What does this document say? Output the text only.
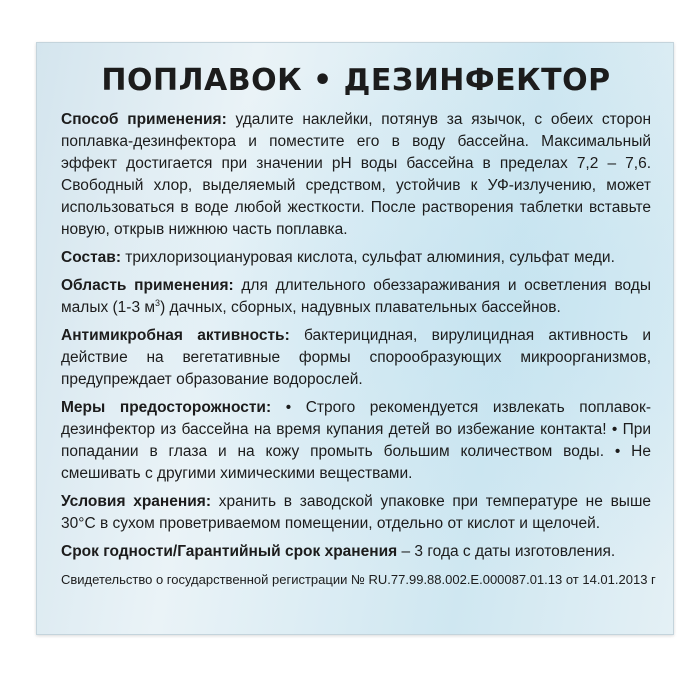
ПОПЛАВОК • ДЕЗИНФЕКТОР

Способ применения: удалите наклейки, потянув за язычок, с обеих сторон поплавка-дезинфектора и поместите его в воду бассейна. Максимальный эффект достигается при значении pH воды бассейна в пределах 7,2 – 7,6. Свободный хлор, выделяемый средством, устойчив к УФ-излучению, может использоваться в воде любой жесткости. После растворения таблетки вставьте новую, открыв нижнюю часть поплавка.

Состав: трихлоризоциануровая кислота, сульфат алюминия, сульфат меди.

Область применения: для длительного обеззараживания и осветления воды малых (1-3 $м^3$) дачных, сборных, надувных плавательных бассейнов.

Антимикробная активность: бактерицидная, вирулицидная активность и действие на вегетативные формы спорообразующих микроорганизмов, предупреждает образование водорослей.

Меры предосторожности: • Строго рекомендуется извлекать поплавок-дезинфектор из бассейна на время купания детей во избежание контакта! • При попадании в глаза и на кожу промыть большим количеством воды. • Не смешивать с другими химическими веществами.

Условия хранения: хранить в заводской упаковке при температуре не выше 30°С в сухом проветриваемом помещении, отдельно от кислот и щелочей.

Срок годности/Гарантийный срок хранения – 3 года с даты изготовления.

Свидетельство о государственной регистрации № RU.77.99.88.002.Е.000087.01.13 от 14.01.2013 г
